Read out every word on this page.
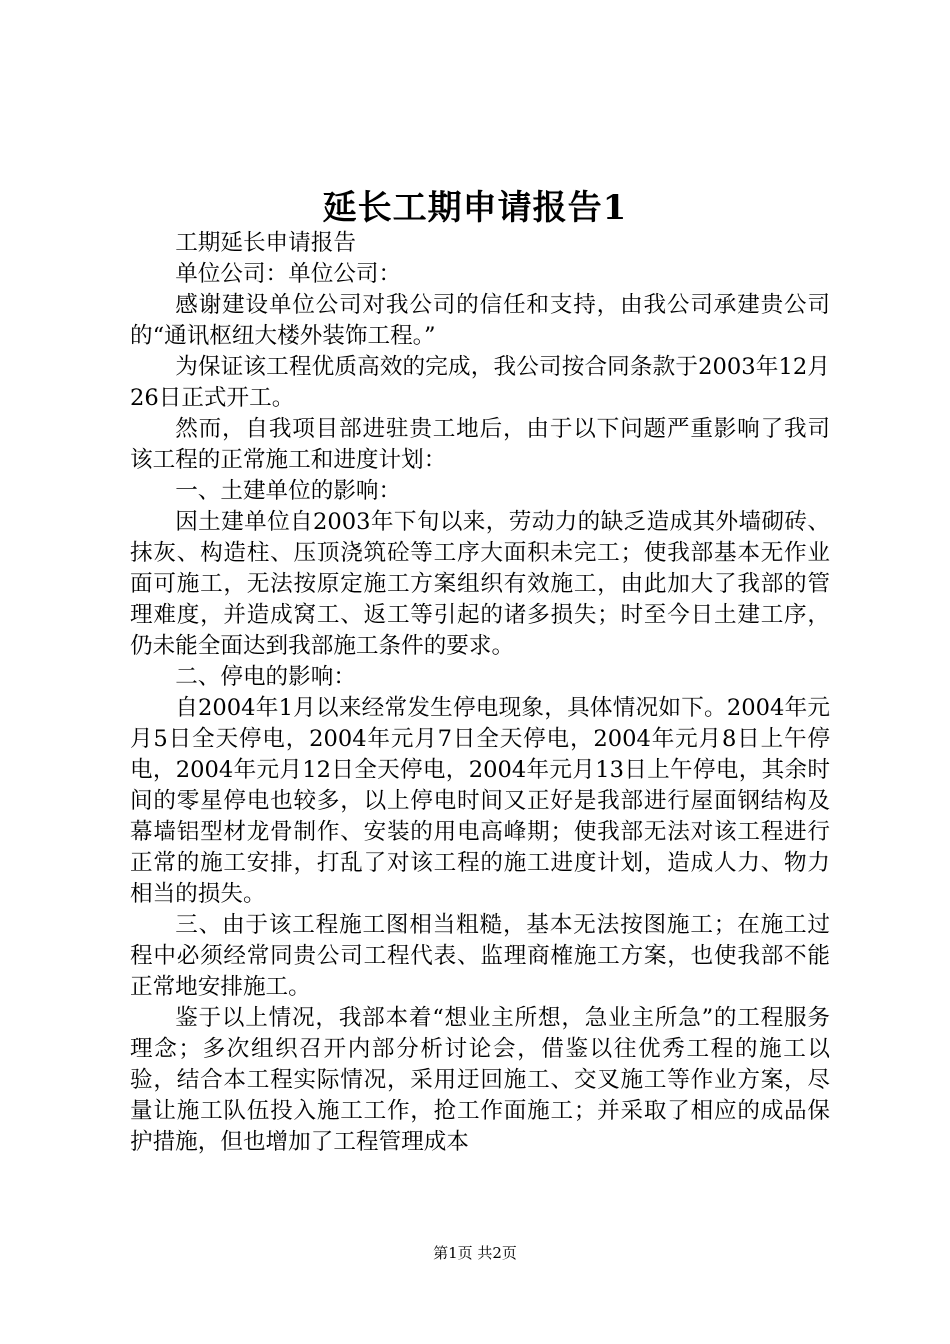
延长工期申请报告1

工期延长申请报告

单位公司：单位公司：

感谢建设单位公司对我公司的信任和支持，由我公司承建贵公司的“通讯枢纽大楼外装饰工程。”

为保证该工程优质高效的完成，我公司按合同条款于2003年12月26日正式开工。

然而，自我项目部进驻贵工地后，由于以下问题严重影响了我司该工程的正常施工和进度计划：

一、土建单位的影响：

因土建单位自2003年下旬以来，劳动力的缺乏造成其外墙砌砖、抹灰、构造柱、压顶浇筑砼等工序大面积未完工；使我部基本无作业面可施工，无法按原定施工方案组织有效施工，由此加大了我部的管理难度，并造成窝工、返工等引起的诸多损失；时至今日土建工序，仍未能全面达到我部施工条件的要求。

二、停电的影响：

自2004年1月以来经常发生停电现象，具体情况如下。2004年元月5日全天停电，2004年元月7日全天停电，2004年元月8日上午停电，2004年元月12日全天停电，2004年元月13日上午停电，其余时间的零星停电也较多，以上停电时间又正好是我部进行屋面钢结构及幕墙铝型材龙骨制作、安装的用电高峰期；使我部无法对该工程进行正常的施工安排，打乱了对该工程的施工进度计划，造成人力、物力相当的损失。

三、由于该工程施工图相当粗糙，基本无法按图施工；在施工过程中必须经常同贵公司工程代表、监理商榷施工方案，也使我部不能正常地安排施工。

鉴于以上情况，我部本着“想业主所想，急业主所急”的工程服务理念；多次组织召开内部分析讨论会，借鉴以往优秀工程的施工以验，结合本工程实际情况，采用迂回施工、交叉施工等作业方案，尽量让施工队伍投入施工工作，抢工作面施工；并采取了相应的成品保护措施，但也增加了工程管理成本

第1页 共2页
